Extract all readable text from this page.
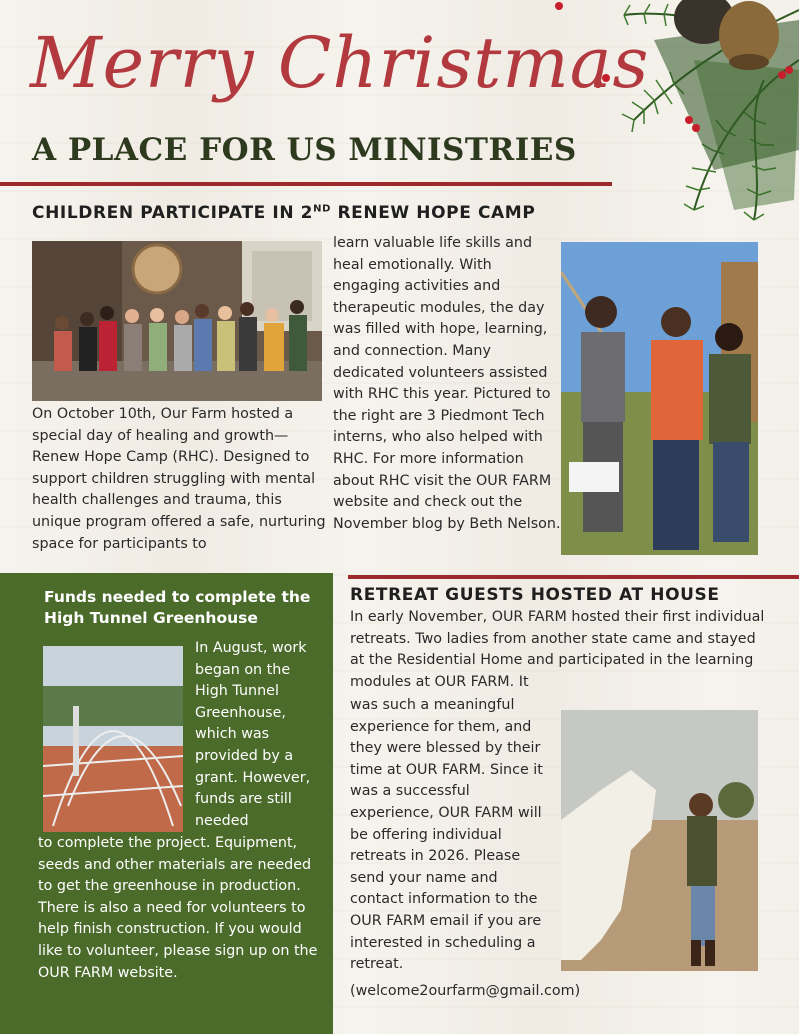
Merry Christmas
A PLACE FOR US MINISTRIES
CHILDREN PARTICIPATE IN 2ND RENEW HOPE CAMP
On October 10th, Our Farm hosted a special day of healing and growth—Renew Hope Camp (RHC). Designed to support children struggling with mental health challenges and trauma, this unique program offered a safe, nurturing space for participants to
learn valuable life skills and heal emotionally. With engaging activities and therapeutic modules, the day was filled with hope, learning, and connection. Many dedicated volunteers assisted with RHC this year. Pictured to the right are 3 Piedmont Tech interns, who also helped with RHC. For more information about RHC visit the OUR FARM website and check out the November blog by Beth Nelson.
Funds needed to complete the High Tunnel Greenhouse
In August, work began on the High Tunnel Greenhouse, which was provided by a grant. However, funds are still needed
to complete the project. Equipment, seeds and other materials are needed to get the greenhouse in production. There is also a need for volunteers to help finish construction. If you would like to volunteer, please sign up on the OUR FARM website.
RETREAT GUESTS HOSTED AT HOUSE
In early November, OUR FARM hosted their first individual retreats. Two ladies from another state came and stayed at the Residential Home and participated in the learning modules at OUR FARM. It
was such a meaningful experience for them, and they were blessed by their time at OUR FARM. Since it was a successful experience, OUR FARM will be offering individual retreats in 2026. Please send your name and contact information to the OUR FARM email if you are interested in scheduling a retreat.
(welcome2ourfarm@gmail.com)
